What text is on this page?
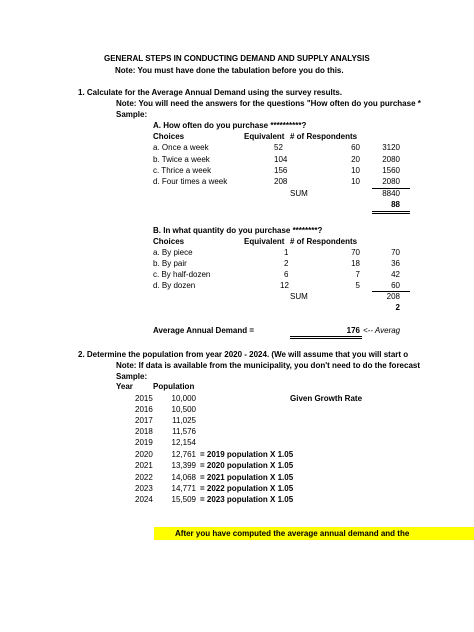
GENERAL STEPS IN CONDUCTING DEMAND AND SUPPLY ANALYSIS
Note: You must have done the tabulation before you do this.
1. Calculate for the Average Annual Demand using the survey results.
Note: You will need the answers for the questions "How often do you purchase *
Sample:
A. How often do you purchase **********?
Choices	Equivalent # of Respondents
a. Once a week	52	60	3120
b. Twice a week	104	20	2080
c. Thrice a week	156	10	1560
d. Four times a week	208	10	2080
SUM	8840
88
B. In what quantity do you purchase ********?
Choices	Equivalent # of Respondents
a. By piece	1	70	70
b. By pair	2	18	36
c. By half-dozen	6	7	42
d. By dozen	12	5	60
SUM	208
2
Average Annual Demand =	176 <-- Averag
2. Determine the population from year 2020 - 2024. (We will assume that you will start o
Note: If data is available from the municipality, you don't need to do the forecast
Sample:
Year	Population
2015	10,000	Given Growth Rate
2016	10,500
2017	11,025
2018	11,576
2019	12,154
2020	12,761 = 2019 population X 1.05
2021	13,399 = 2020 population X 1.05
2022	14,068 = 2021 population X 1.05
2023	14,771 = 2022 population X 1.05
2024	15,509 = 2023 population X 1.05
After you have computed the average annual demand and the
